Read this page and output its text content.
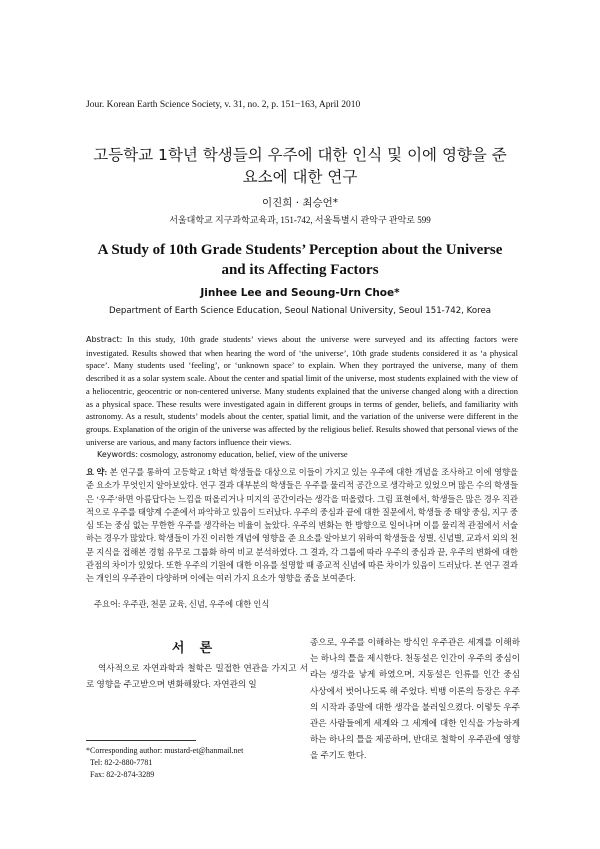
Jour. Korean Earth Science Society, v. 31, no. 2, p. 151−163, April 2010
고등학교 1학년 학생들의 우주에 대한 인식 및 이에 영향을 준
요소에 대한 연구
이진희 · 최승언*
서울대학교 지구과학교육과, 151-742, 서울특별시 관악구 관악로 599
A Study of 10th Grade Students’ Perception about the Universe
and its Affecting Factors
Jinhee Lee and Seoung-Urn Choe*
Department of Earth Science Education, Seoul National University, Seoul 151-742, Korea
Abstract: In this study, 10th grade students’ views about the universe were surveyed and its affecting factors were investigated. Results showed that when hearing the word of ‘the universe’, 10th grade students considered it as ‘a physical space’. Many students used ‘feeling’, or ‘unknown space’ to explain. When they portrayed the universe, many of them described it as a solar system scale. About the center and spatial limit of the universe, most students explained with the view of a heliocentric, geocentric or non-centered universe. Many students explained that the universe changed along with a direction as a physical space. These results were investigated again in different groups in terms of gender, beliefs, and familiarity with astronomy. As a result, students’ models about the center, spatial limit, and the variation of the universe were different in the groups. Explanation of the origin of the universe was affected by the religious belief. Results showed that personal views of the universe are various, and many factors influence their views.
Keywords: cosmology, astronomy education, belief, view of the universe
요 약: 본 연구를 통하여 고등학교 1학년 학생들을 대상으로 이들이 가지고 있는 우주에 대한 개념을 조사하고 이에 영향을 준 요소가 무엇인지 알아보았다. 연구 결과 대부분의 학생들은 우주를 물리적 공간으로 생각하고 있었으며 많은 수의 학생들은 ‘우주’하면 아름답다는 느낌을 떠올리거나 미지의 공간이라는 생각을 떠올렸다. 그림 표현에서, 학생들은 많은 경우 직관적으로 우주를 태양계 수준에서 파악하고 있음이 드러났다. 우주의 중심과 끝에 대한 질문에서, 학생들 중 태양 중심, 지구 중심 또는 중심 없는 무한한 우주를 생각하는 비율이 높았다. 우주의 변화는 한 방향으로 일어나며 이를 물리적 관점에서 서술하는 경우가 많았다. 학생들이 가진 이러한 개념에 영향을 준 요소를 알아보기 위하여 학생들을 성별, 신념별, 교과서 외의 천문 지식을 접해본 경험 유무로 그룹화 하여 비교 분석하였다. 그 결과, 각 그룹에 따라 우주의 중심과 끝, 우주의 변화에 대한 관점의 차이가 있었다. 또한 우주의 기원에 대한 이유를 설명할 때 종교적 신념에 따른 차이가 있음이 드러났다. 본 연구 결과는 개인의 우주관이 다양하며 이에는 여러 가지 요소가 영향을 줌을 보여준다.
주요어: 우주관, 천문 교육, 신념, 우주에 대한 인식
서 론
역사적으로 자연과학과 철학은 밀접한 연관을 가지고 서로 영향을 주고받으며 변화해왔다. 자연관의 일
*Corresponding author: mustard-et@hanmail.net
Tel: 82-2-880-7781
Fax: 82-2-874-3289
종으로, 우주를 이해하는 방식인 우주관은 세계를 이해하는 하나의 틀을 제시한다. 천동설은 인간이 우주의 중심이라는 생각을 낳게 하였으며, 지동설은 인류를 인간 중심 사상에서 벗어나도록 해 주었다. 빅뱅 이론의 등장은 우주의 시작과 종말에 대한 생각을 불러일으켰다. 이렇듯 우주관은 사람들에게 세계와 그 세계에 대한 인식을 가능하게 하는 하나의 틀을 제공하며, 반대로 철학이 우주관에 영향을 주기도 한다.
